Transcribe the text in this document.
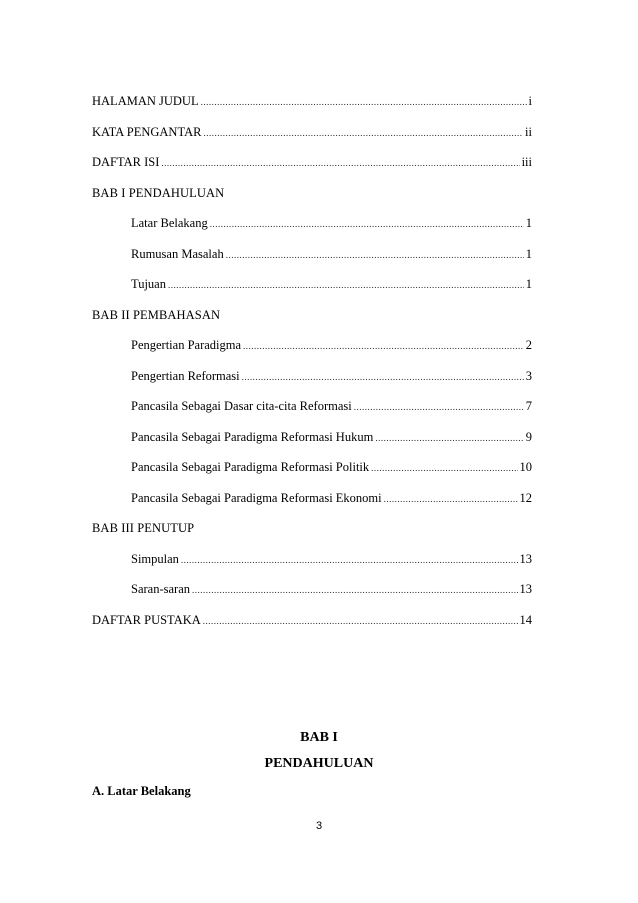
HALAMAN JUDUL .....	i
KATA PENGANTAR .....	ii
DAFTAR ISI .....	iii
BAB I PENDAHULUAN
Latar Belakang .....	1
Rumusan Masalah .....	1
Tujuan .....	1
BAB II PEMBAHASAN
Pengertian Paradigma .....	2
Pengertian Reformasi .....	3
Pancasila Sebagai Dasar cita-cita Reformasi .....	7
Pancasila Sebagai Paradigma Reformasi Hukum .....	9
Pancasila Sebagai Paradigma Reformasi Politik .....	10
Pancasila Sebagai Paradigma Reformasi Ekonomi .....	12
BAB III PENUTUP
Simpulan .....	13
Saran-saran .....	13
DAFTAR PUSTAKA .....	14
BAB I
PENDAHULUAN
A. Latar Belakang
3
